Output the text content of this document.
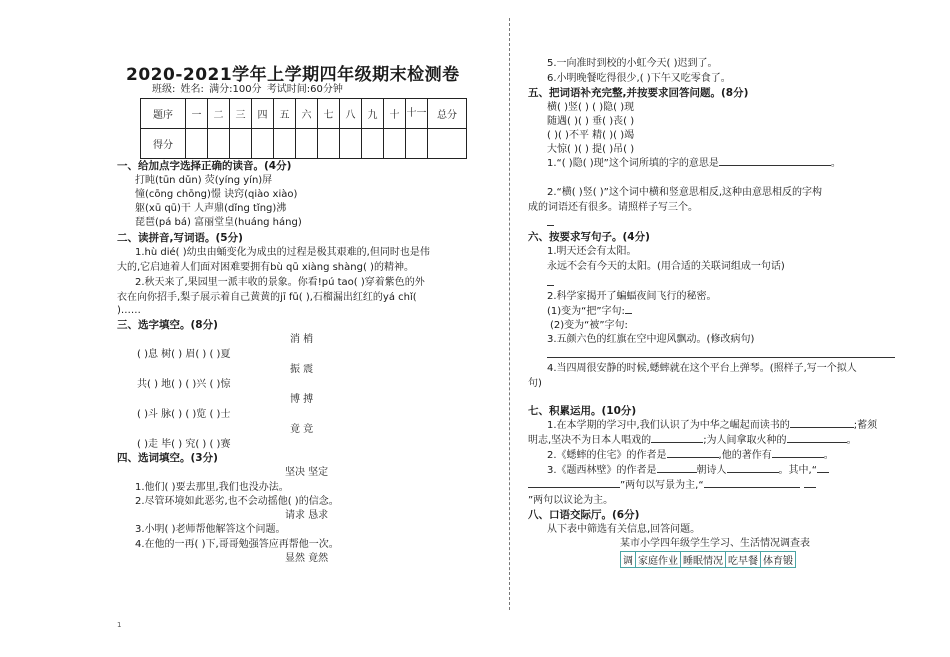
2020-2021学年上学期四年级期末检测卷
班级: 姓名: 满分:100分 考试时间:60分钟
题序	一	二	三	四	五	六	七	八	九	十	十一	总分
得分												
一、给加点字选择正确的读音。(4分)
打盹(tūn dǔn) 荧(yíng yín)屏
憧(cōng chōng)憬 诀窍(qiào xiào)
躯(xū qū)干 人声鼎(dǐng tǐng)沸
琵琶(pá bá) 富丽堂皇(huáng háng)
二、读拼音,写词语。(5分)
1.hù dié( )幼虫由蛹变化为成虫的过程是极其艰难的,但同时也是伟
大的,它启迪着人们面对困难要拥有bù qū xiàng shàng( )的精神。
2.秋天来了,果园里一派丰收的景象。你看!pú tao( )穿着紫色的外
衣在向你招手,梨子展示着自己黄黄的jī fū( ),石榴漏出红红的yá chǐ(
)……
三、选字填空。(8分)
消 梢
( )息 树( ) 眉( ) ( )夏
振 震
共( ) 地( ) ( )兴 ( )惊
博 搏
( )斗 脉( ) ( )览 ( )士
竟 竞
( )走 毕( ) 究( ) ( )赛
四、选词填空。(3分)
坚决 坚定
1.他们( )要去那里,我们也没办法。
2.尽管环境如此恶劣,也不会动摇他( )的信念。
请求 恳求
3.小明( )老师帮他解答这个问题。
4.在他的一再( )下,哥哥勉强答应再帮他一次。
显然 竟然
1
5.一向准时到校的小虹今天( )迟到了。
6.小明晚餐吃得很少,( )下午又吃零食了。
五、把词语补充完整,并按要求回答问题。(8分)
横( )竖( ) ( )隐( )现
随遇( )( ) 垂( )丧( )
( )( )不平 精( )( )竭
大惊( )( ) 提( )吊( )
1.“( )隐( )现”这个词所填的字的意思是	。
2.“横( )竖( )”这个词中横和竖意思相反,这种由意思相反的字构
成的词语还有很多。请照样子写三个。
六、按要求写句子。(4分)
1.明天还会有太阳。
永远不会有今天的太阳。(用合适的关联词组成一句话)
2.科学家揭开了蝙蝠夜间飞行的秘密。
(1)变为“把”字句:
(2)变为“被”字句:
3.五颜六色的红旗在空中迎风飘动。(修改病句)
4.当四周很安静的时候,蟋蟀就在这个平台上弹琴。(照样子,写一个拟人
句)
七、积累运用。(10分)
1.在本学期的学习中,我们认识了为中华之崛起而读书的	;蓄须
明志,坚决不为日本人唱戏的	;为人间拿取火种的	。
2.《蟋蟀的住宅》的作者是	,他的著作有	。
3.《题西林壁》的作者是	朝诗人	。其中,“
”两句以写景为主,“
”两句以议论为主。
八、口语交际厅。(6分)
从下表中筛选有关信息,回答问题。
某市小学四年级学生学习、生活情况调查表
调	家庭作业	睡眠情况	吃早餐	体育锻
